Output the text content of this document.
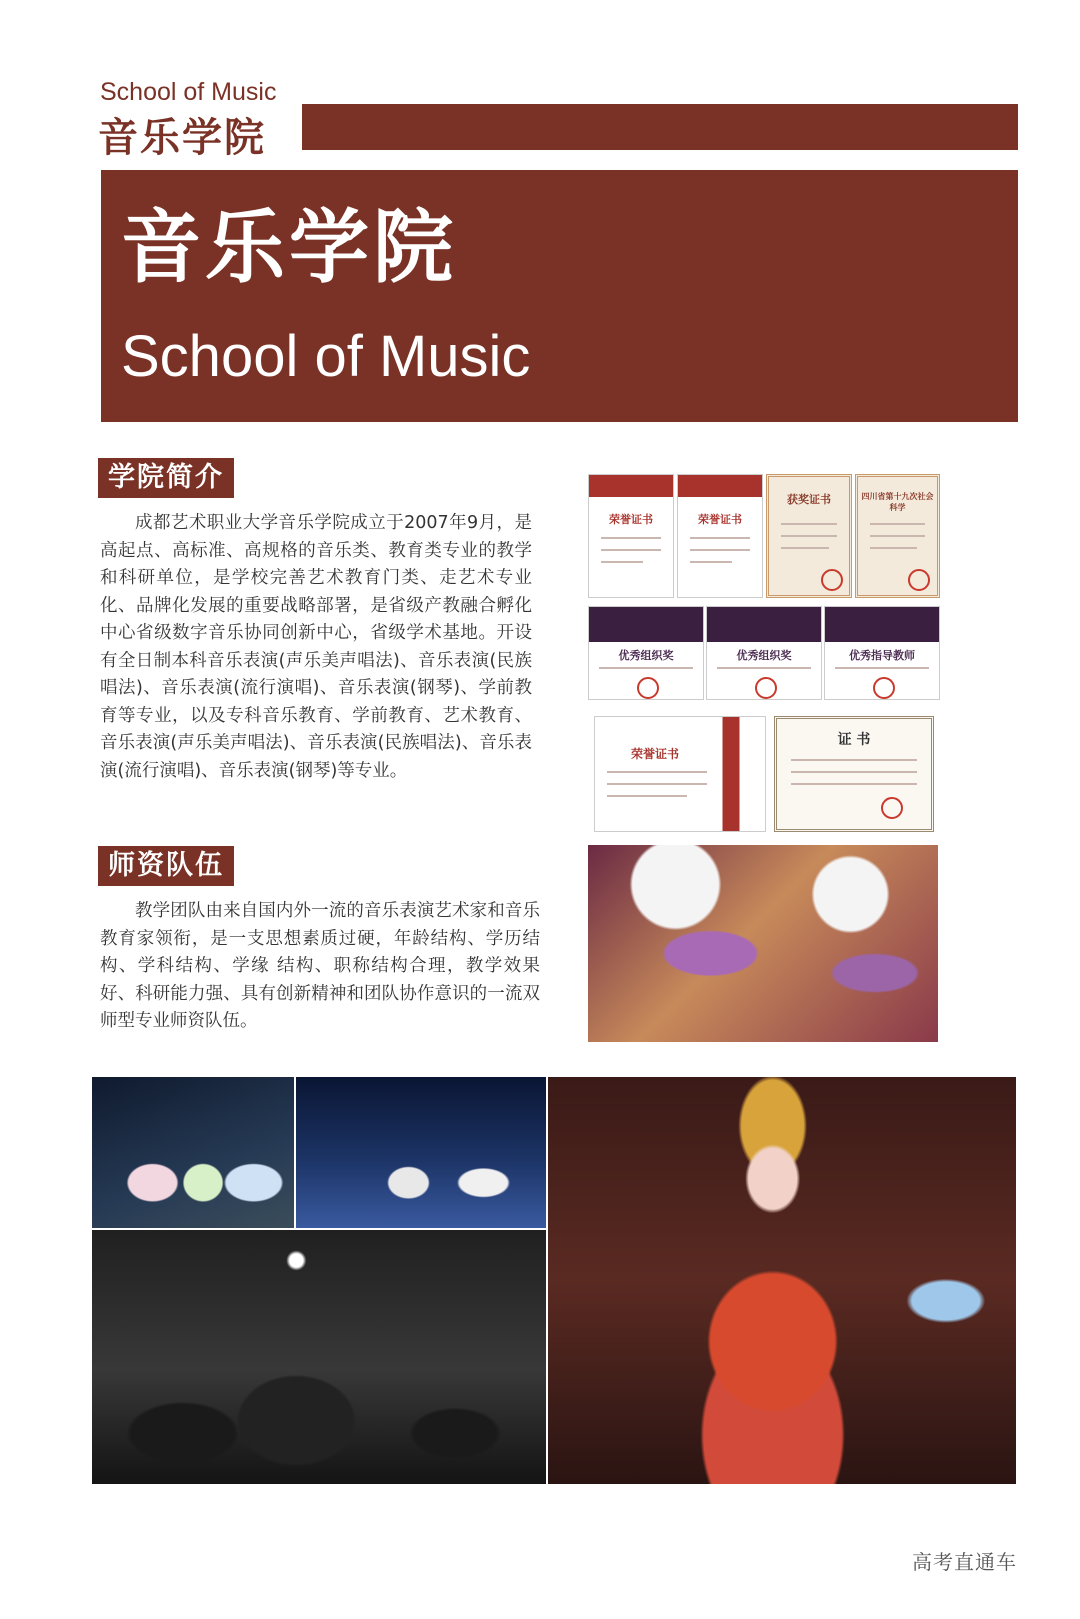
School of Music
音乐学院
音乐学院
School of Music
学院简介
成都艺术职业大学音乐学院成立于2007年9月，是高起点、高标准、高规格的音乐类、教育类专业的教学和科研单位，是学校完善艺术教育门类、走艺术专业化、品牌化发展的重要战略部署，是省级产教融合孵化中心省级数字音乐协同创新中心，省级学术基地。开设有全日制本科音乐表演(声乐美声唱法)、音乐表演(民族唱法)、音乐表演(流行演唱)、音乐表演(钢琴)、学前教育等专业，以及专科音乐教育、学前教育、艺术教育、音乐表演(声乐美声唱法)、音乐表演(民族唱法)、音乐表演(流行演唱)、音乐表演(钢琴)等专业。
师资队伍
教学团队由来自国内外一流的音乐表演艺术家和音乐教育家领衔，是一支思想素质过硬，年龄结构、学历结构、学科结构、学缘 结构、职称结构合理，教学效果好、科研能力强、具有创新精神和团队协作意识的一流双师型专业师资队伍。
荣誉证书	荣誉证书
获奖证书	四川省第十九次社会科学
优秀组织奖	优秀组织奖	优秀指导教师
荣誉证书
证 书
高考直通车
